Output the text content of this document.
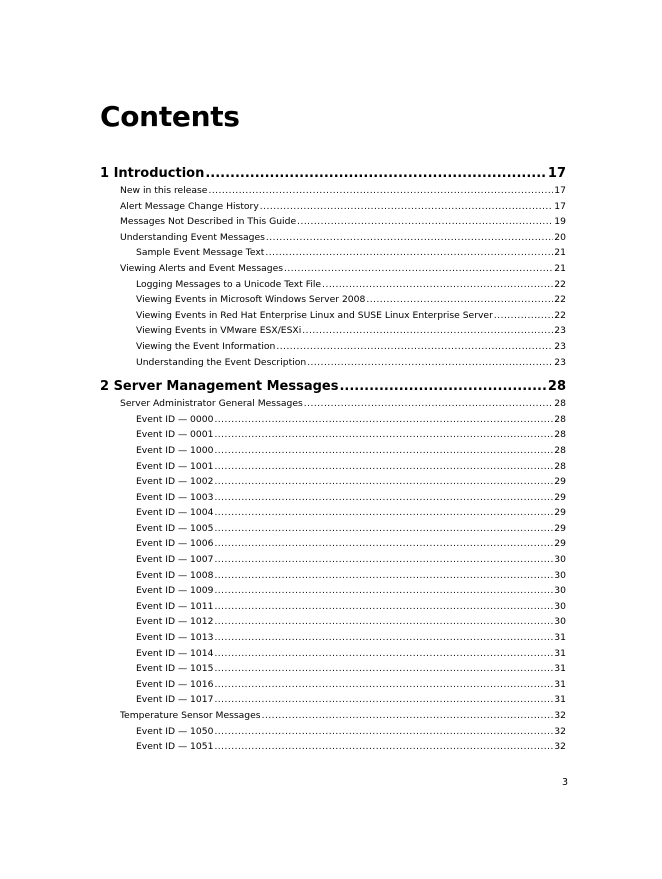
Contents
1 Introduction .....	17
New in this release .....	17
Alert Message Change History .....	17
Messages Not Described in This Guide .....	19
Understanding Event Messages .....	20
Sample Event Message Text .....	21
Viewing Alerts and Event Messages .....	21
Logging Messages to a Unicode Text File .....	22
Viewing Events in Microsoft Windows Server 2008 .....	22
Viewing Events in Red Hat Enterprise Linux and SUSE Linux Enterprise Server .....	22
Viewing Events in VMware ESX/ESXi .....	23
Viewing the Event Information .....	23
Understanding the Event Description .....	23
2 Server Management Messages .....	28
Server Administrator General Messages .....	28
Event ID — 0000 .....	28
Event ID — 0001 .....	28
Event ID — 1000 .....	28
Event ID — 1001 .....	28
Event ID — 1002 .....	29
Event ID — 1003 .....	29
Event ID — 1004 .....	29
Event ID — 1005 .....	29
Event ID — 1006 .....	29
Event ID — 1007 .....	30
Event ID — 1008 .....	30
Event ID — 1009 .....	30
Event ID — 1011 .....	30
Event ID — 1012 .....	30
Event ID — 1013 .....	31
Event ID — 1014 .....	31
Event ID — 1015 .....	31
Event ID — 1016 .....	31
Event ID — 1017 .....	31
Temperature Sensor Messages .....	32
Event ID — 1050 .....	32
Event ID — 1051 .....	32
3
